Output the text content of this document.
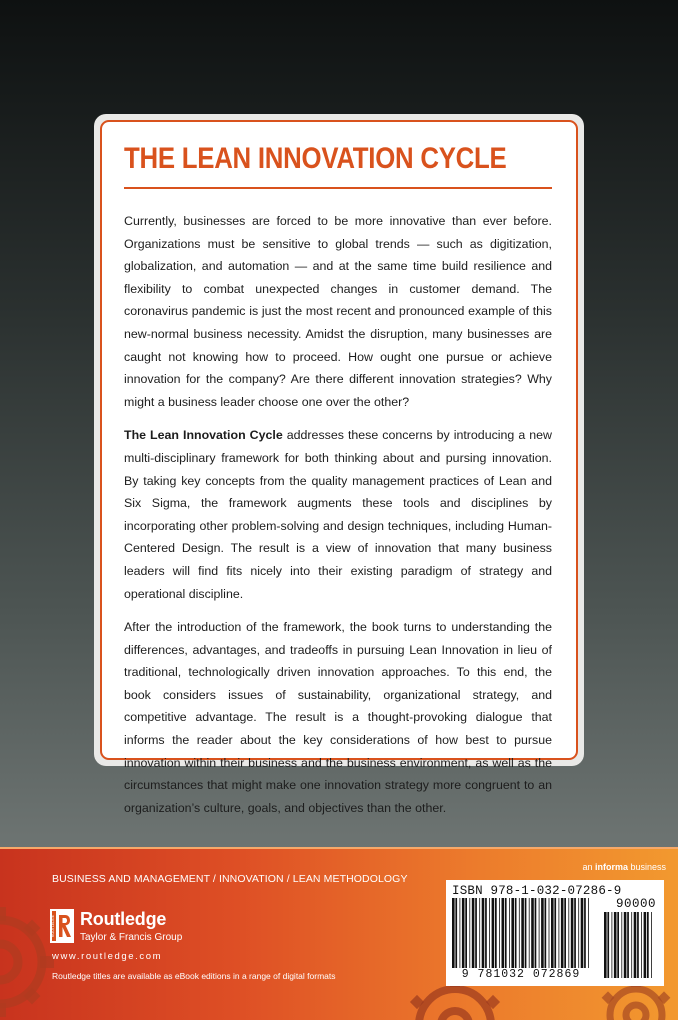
THE LEAN INNOVATION CYCLE

Currently, businesses are forced to be more innovative than ever before. Organizations must be sensitive to global trends — such as digitization, globalization, and automation — and at the same time build resilience and flexibility to combat unexpected changes in customer demand. The coronavirus pandemic is just the most recent and pronounced example of this new-normal business necessity. Amidst the disruption, many businesses are caught not knowing how to proceed. How ought one pursue or achieve innovation for the company? Are there different innovation strategies? Why might a business leader choose one over the other?

The Lean Innovation Cycle addresses these concerns by introducing a new multi-disciplinary framework for both thinking about and pursing innovation. By taking key concepts from the quality management practices of Lean and Six Sigma, the framework augments these tools and disciplines by incorporating other problem-solving and design techniques, including Human-Centered Design. The result is a view of innovation that many business leaders will find fits nicely into their existing paradigm of strategy and operational discipline.

After the introduction of the framework, the book turns to understanding the differences, advantages, and tradeoffs in pursuing Lean Innovation in lieu of traditional, technologically driven innovation approaches. To this end, the book considers issues of sustainability, organizational strategy, and competitive advantage. The result is a thought-provoking dialogue that informs the reader about the key considerations of how best to pursue innovation within their business and the business environment, as well as the circumstances that might make one innovation strategy more congruent to an organization’s culture, goals, and objectives than the other.

an informa business
BUSINESS AND MANAGEMENT / INNOVATION / LEAN METHODOLOGY
ROUTLEDGE Routledge
Taylor & Francis Group
www.routledge.com
Routledge titles are available as eBook editions in a range of digital formats
ISBN 978-1-032-07286-9
90000
9 781032 072869
